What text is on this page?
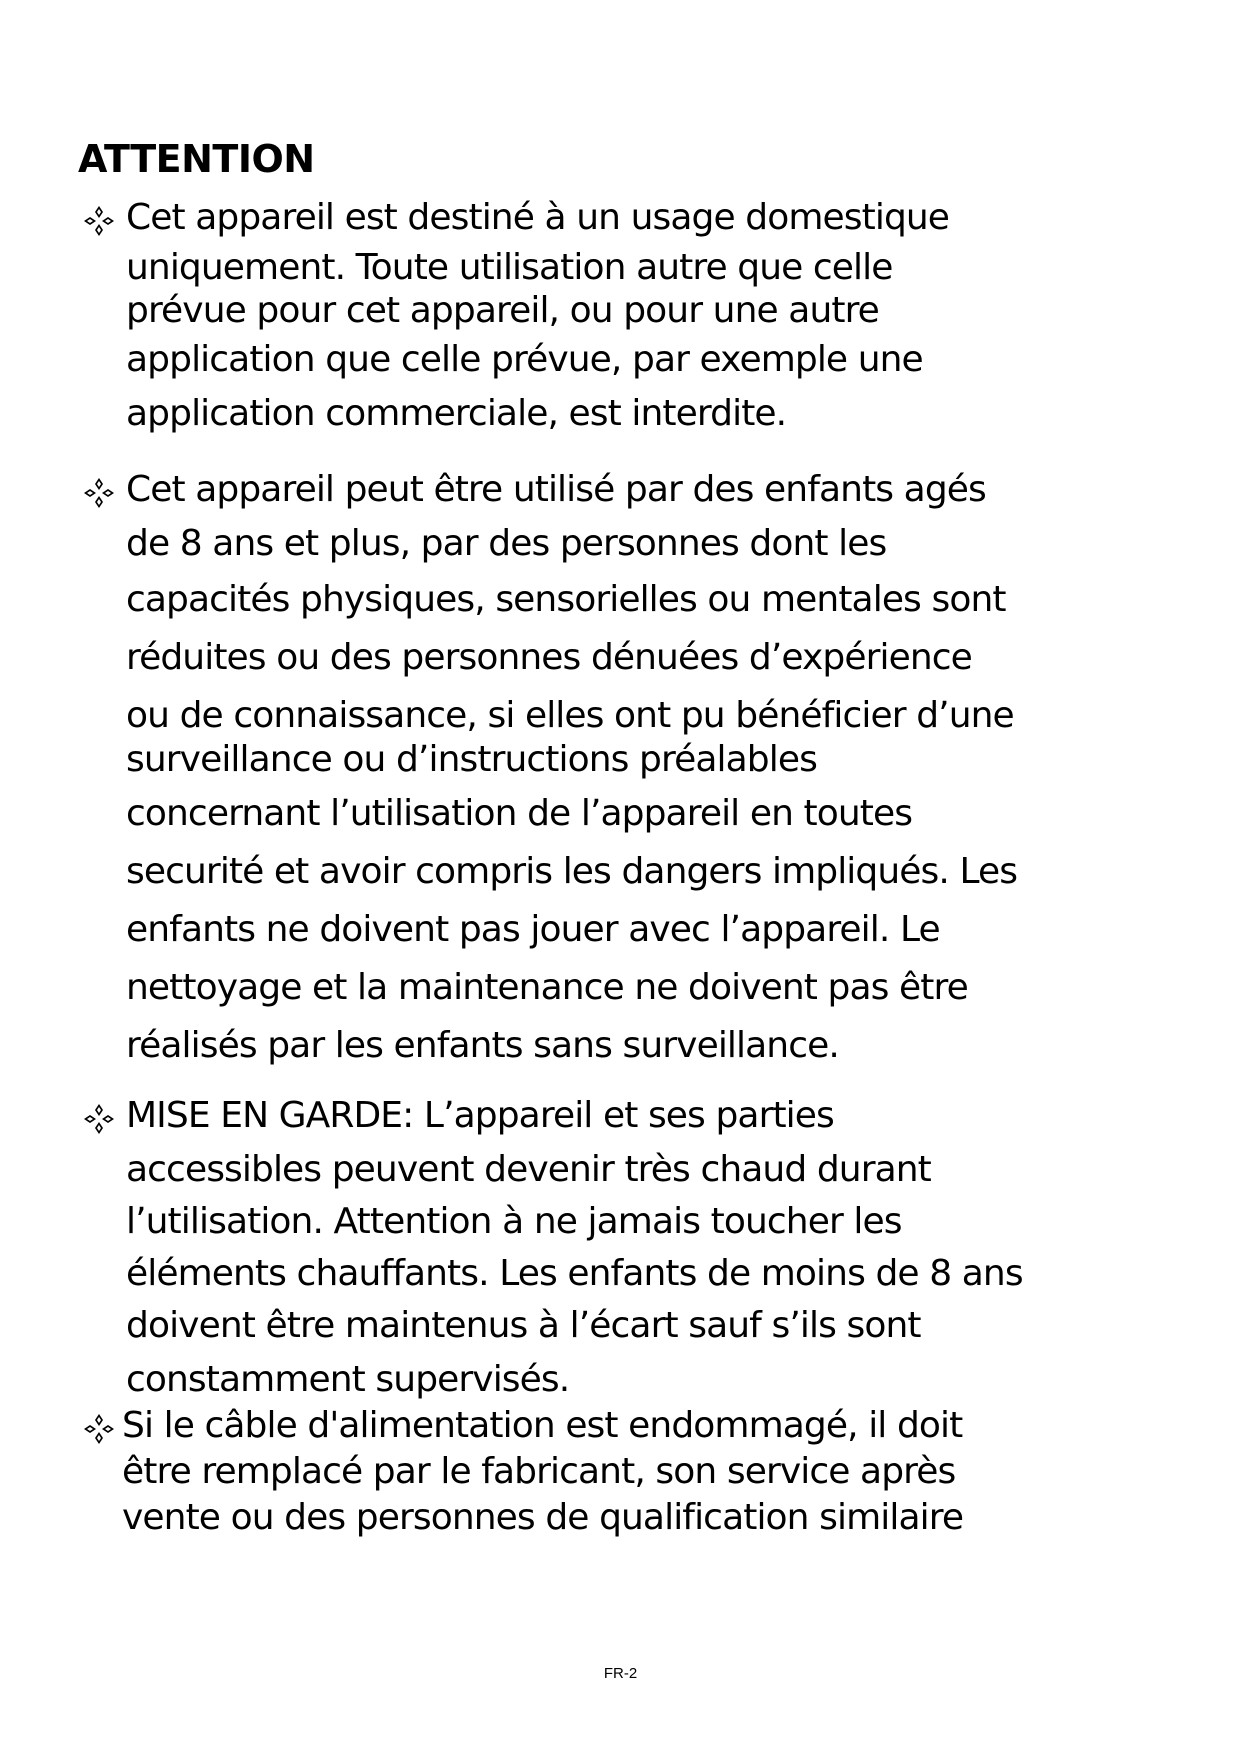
ATTENTION
Cet appareil est destiné à un usage domestique
uniquement. Toute utilisation autre que celle
prévue pour cet appareil, ou pour une autre
application que celle prévue, par exemple une
application commerciale, est interdite.
Cet appareil peut être utilisé par des enfants agés
de 8 ans et plus, par des personnes dont les
capacités physiques, sensorielles ou mentales sont
réduites ou des personnes dénuées d’expérience
ou de connaissance, si elles ont pu bénéficier d’une
surveillance ou d’instructions préalables
concernant l’utilisation de l’appareil en toutes
securité et avoir compris les dangers impliqués. Les
enfants ne doivent pas jouer avec l’appareil. Le
nettoyage et la maintenance ne doivent pas être
réalisés par les enfants sans surveillance.
MISE EN GARDE: L’appareil et ses parties
accessibles peuvent devenir très chaud durant
l’utilisation. Attention à ne jamais toucher les
éléments chauffants. Les enfants de moins de 8 ans
doivent être maintenus à l’écart sauf s’ils sont
constamment supervisés.
Si le câble d'alimentation est endommagé, il doit
être remplacé par le fabricant, son service après
vente ou des personnes de qualification similaire
FR-2
